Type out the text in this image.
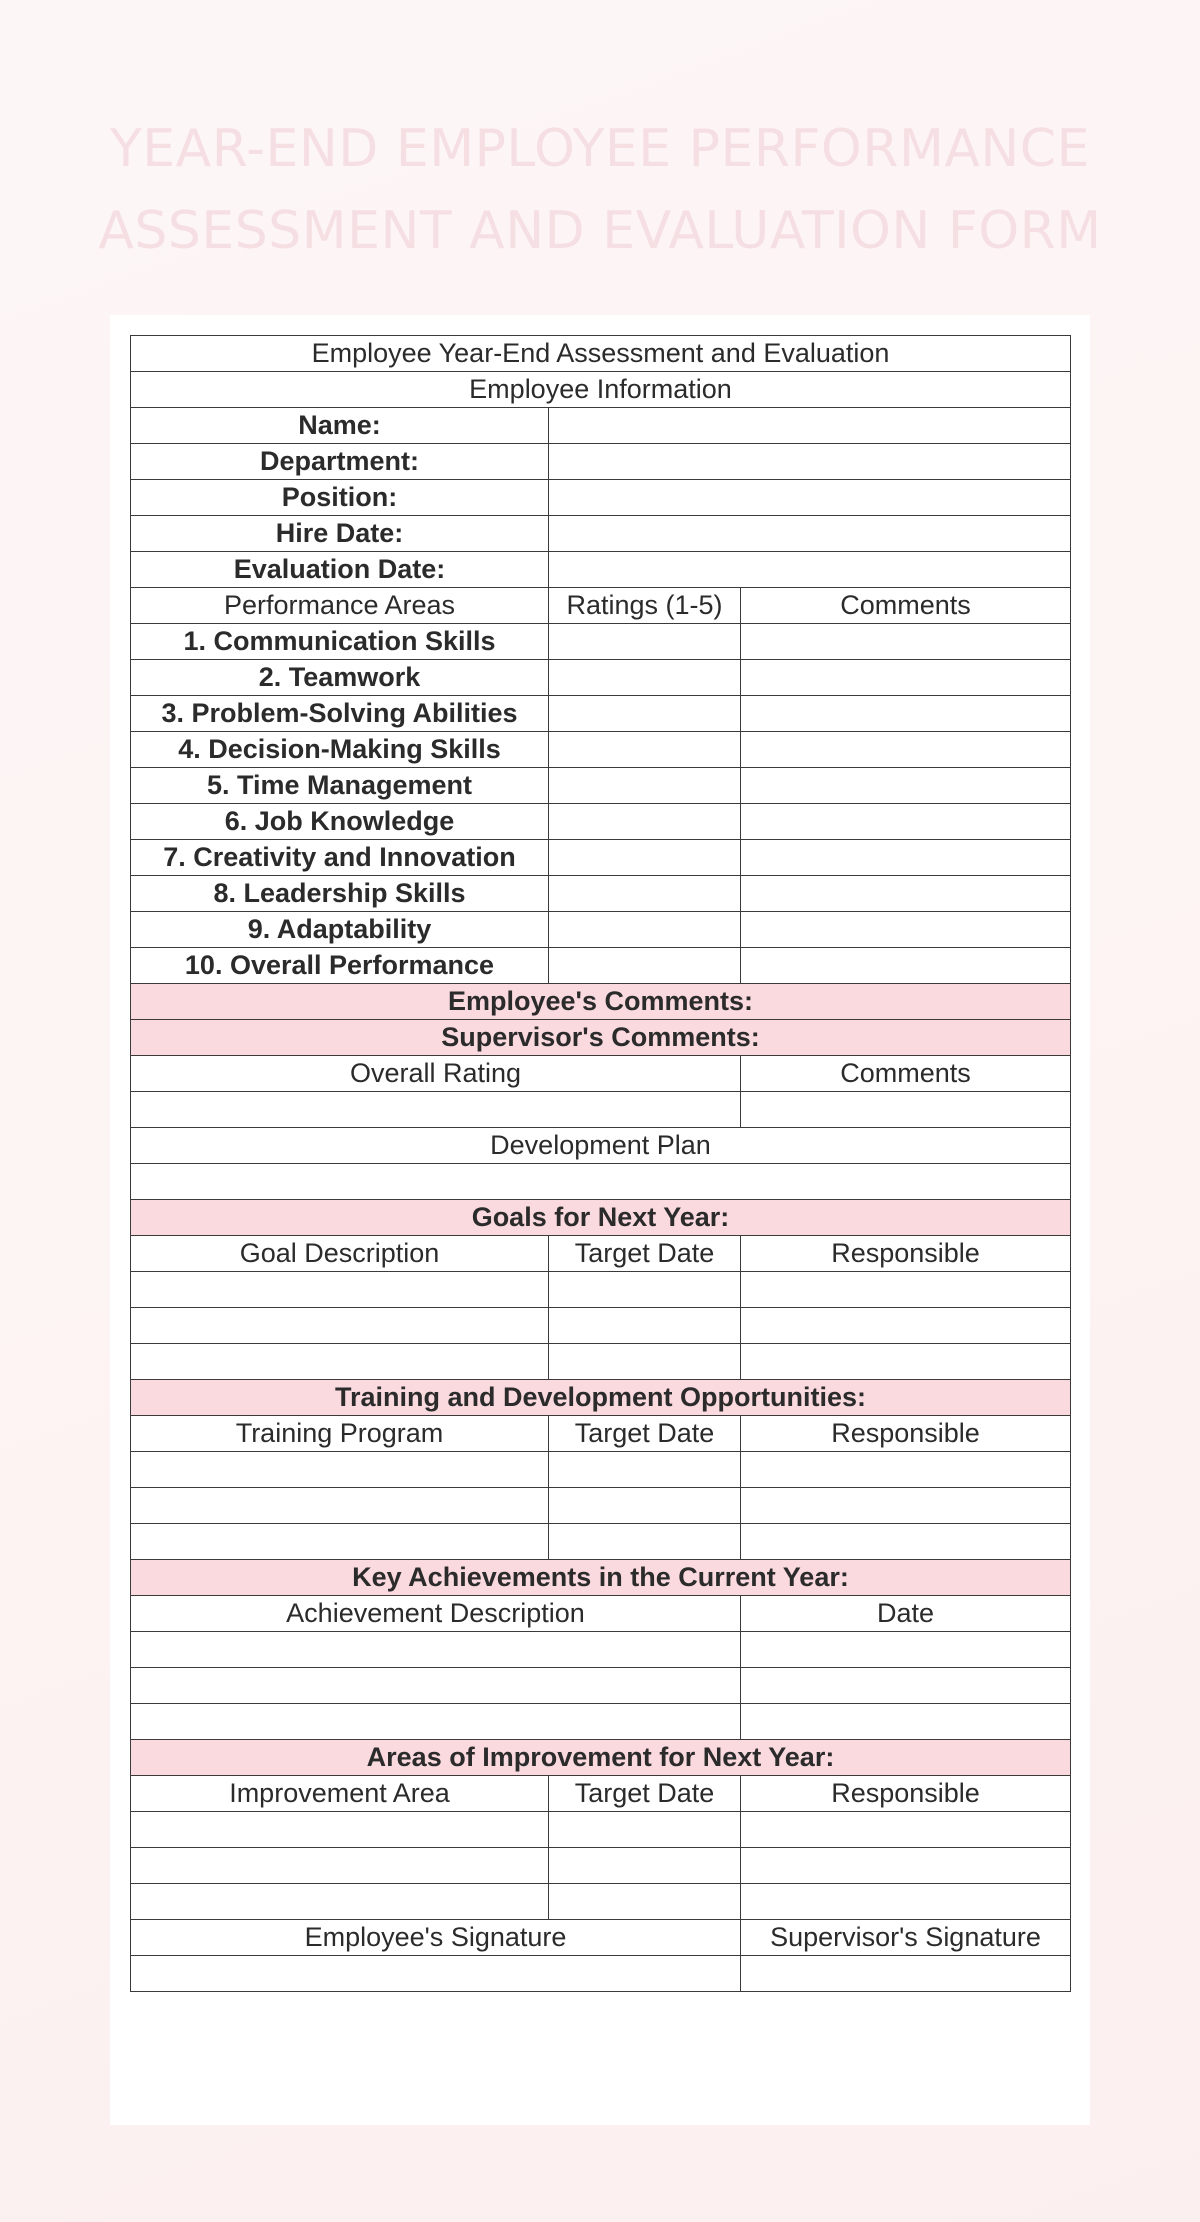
YEAR-END EMPLOYEE PERFORMANCE
ASSESSMENT AND EVALUATION FORM
Employee Year-End Assessment and Evaluation		
Employee Information		
Name:		
Department:		
Position:		
Hire Date:		
Evaluation Date:		
Performance Areas	Ratings (1-5)	Comments
1. Communication Skills		
2. Teamwork		
3. Problem-Solving Abilities		
4. Decision-Making Skills		
5. Time Management		
6. Job Knowledge		
7. Creativity and Innovation		
8. Leadership Skills		
9. Adaptability		
10. Overall Performance		
Employee's Comments:		
Supervisor's Comments:		
Overall Rating		Comments

Development Plan		

Goals for Next Year:		
Goal Description	Target Date	Responsible

Training and Development Opportunities:		
Training Program	Target Date	Responsible

Key Achievements in the Current Year:		
Achievement Description		Date

Areas of Improvement for Next Year:		
Improvement Area	Target Date	Responsible

Employee's Signature		Supervisor's Signature
